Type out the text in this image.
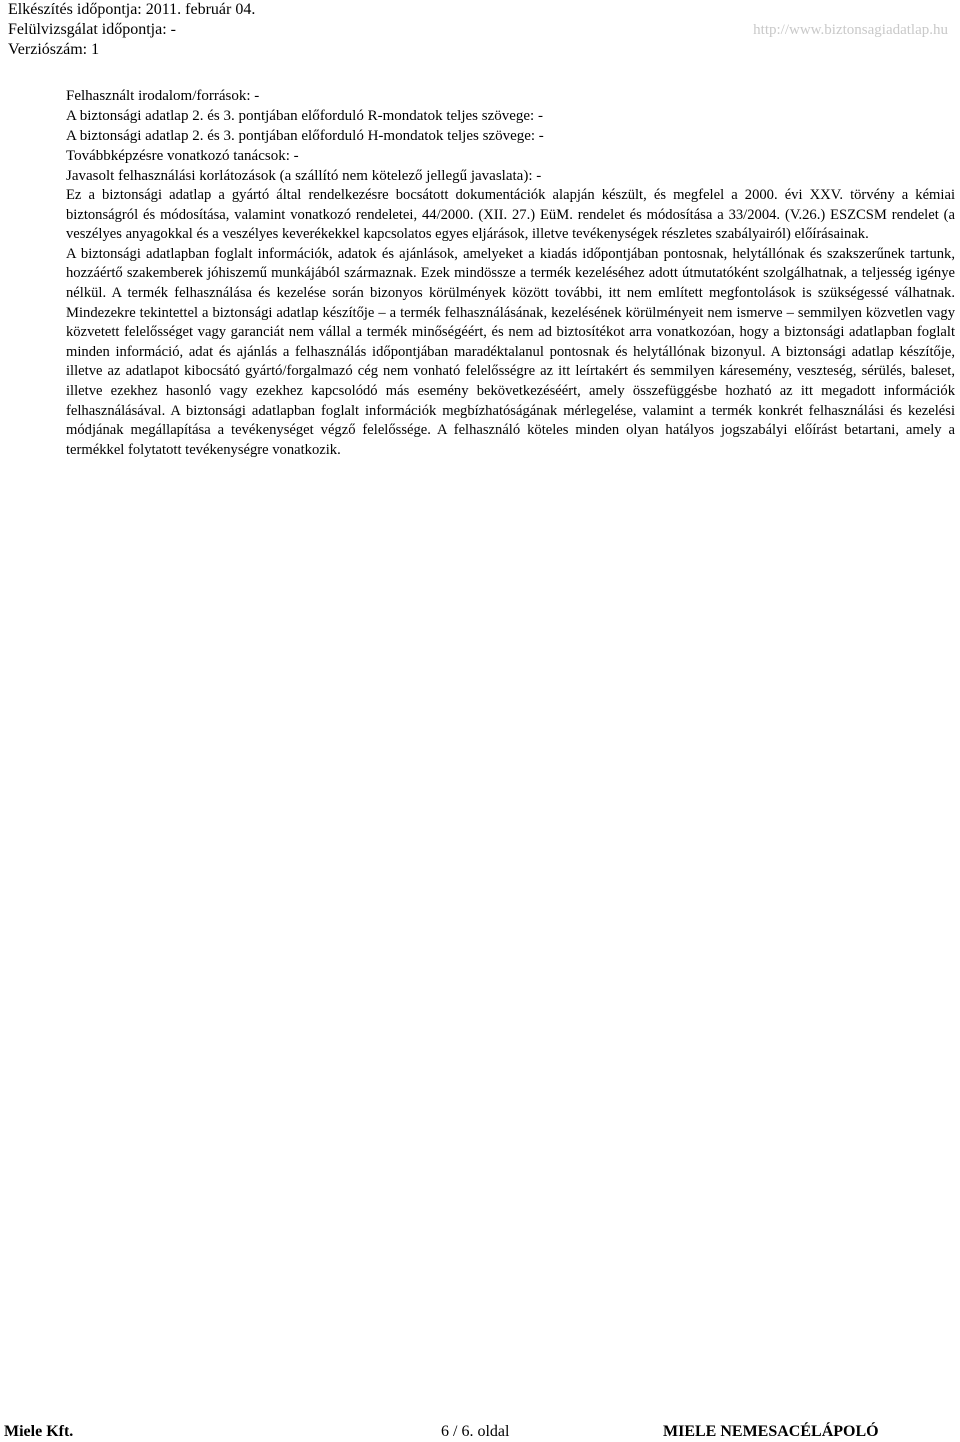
Elkészítés időpontja: 2011. február 04.
Felülvizsgálat időpontja: -
Verziószám: 1
http://www.biztonsagiadatlap.hu
Felhasznált irodalom/források: -
A biztonsági adatlap 2. és 3. pontjában előforduló R-mondatok teljes szövege: -
A biztonsági adatlap 2. és 3. pontjában előforduló H-mondatok teljes szövege: -
Továbbképzésre vonatkozó tanácsok: -
Javasolt felhasználási korlátozások (a szállító nem kötelező jellegű javaslata): -
Ez a biztonsági adatlap a gyártó által rendelkezésre bocsátott dokumentációk alapján készült, és megfelel a 2000. évi XXV. törvény a kémiai biztonságról és módosítása, valamint vonatkozó rendeletei, 44/2000. (XII. 27.) EüM. rendelet és módosítása a 33/2004. (V.26.) ESZCSM rendelet (a veszélyes anyagokkal és a veszélyes keverékekkel kapcsolatos egyes eljárások, illetve tevékenységek részletes szabályairól) előírásainak.
A biztonsági adatlapban foglalt információk, adatok és ajánlások, amelyeket a kiadás időpontjában pontosnak, helytállónak és szakszerűnek tartunk, hozzáértő szakemberek jóhiszemű munkájából származnak. Ezek mindössze a termék kezeléséhez adott útmutatóként szolgálhatnak, a teljesség igénye nélkül. A termék felhasználása és kezelése során bizonyos körülmények között további, itt nem említett megfontolások is szükségessé válhatnak. Mindezekre tekintettel a biztonsági adatlap készítője – a termék felhasználásának, kezelésének körülményeit nem ismerve – semmilyen közvetlen vagy közvetett felelősséget vagy garanciát nem vállal a termék minőségéért, és nem ad biztosítékot arra vonatkozóan, hogy a biztonsági adatlapban foglalt minden információ, adat és ajánlás a felhasználás időpontjában maradéktalanul pontosnak és helytállónak bizonyul. A biztonsági adatlap készítője, illetve az adatlapot kibocsátó gyártó/forgalmazó cég nem vonható felelősségre az itt leírtakért és semmilyen káresemény, veszteség, sérülés, baleset, illetve ezekhez hasonló vagy ezekhez kapcsolódó más esemény bekövetkezéséért, amely összefüggésbe hozható az itt megadott információk felhasználásával. A biztonsági adatlapban foglalt információk megbízhatóságának mérlegelése, valamint a termék konkrét felhasználási és kezelési módjának megállapítása a tevékenységet végző felelőssége. A felhasználó köteles minden olyan hatályos jogszabályi előírást betartani, amely a termékkel folytatott tevékenységre vonatkozik.
Miele Kft.	6 / 6. oldal	MIELE NEMESACÉLÁPOLÓ
